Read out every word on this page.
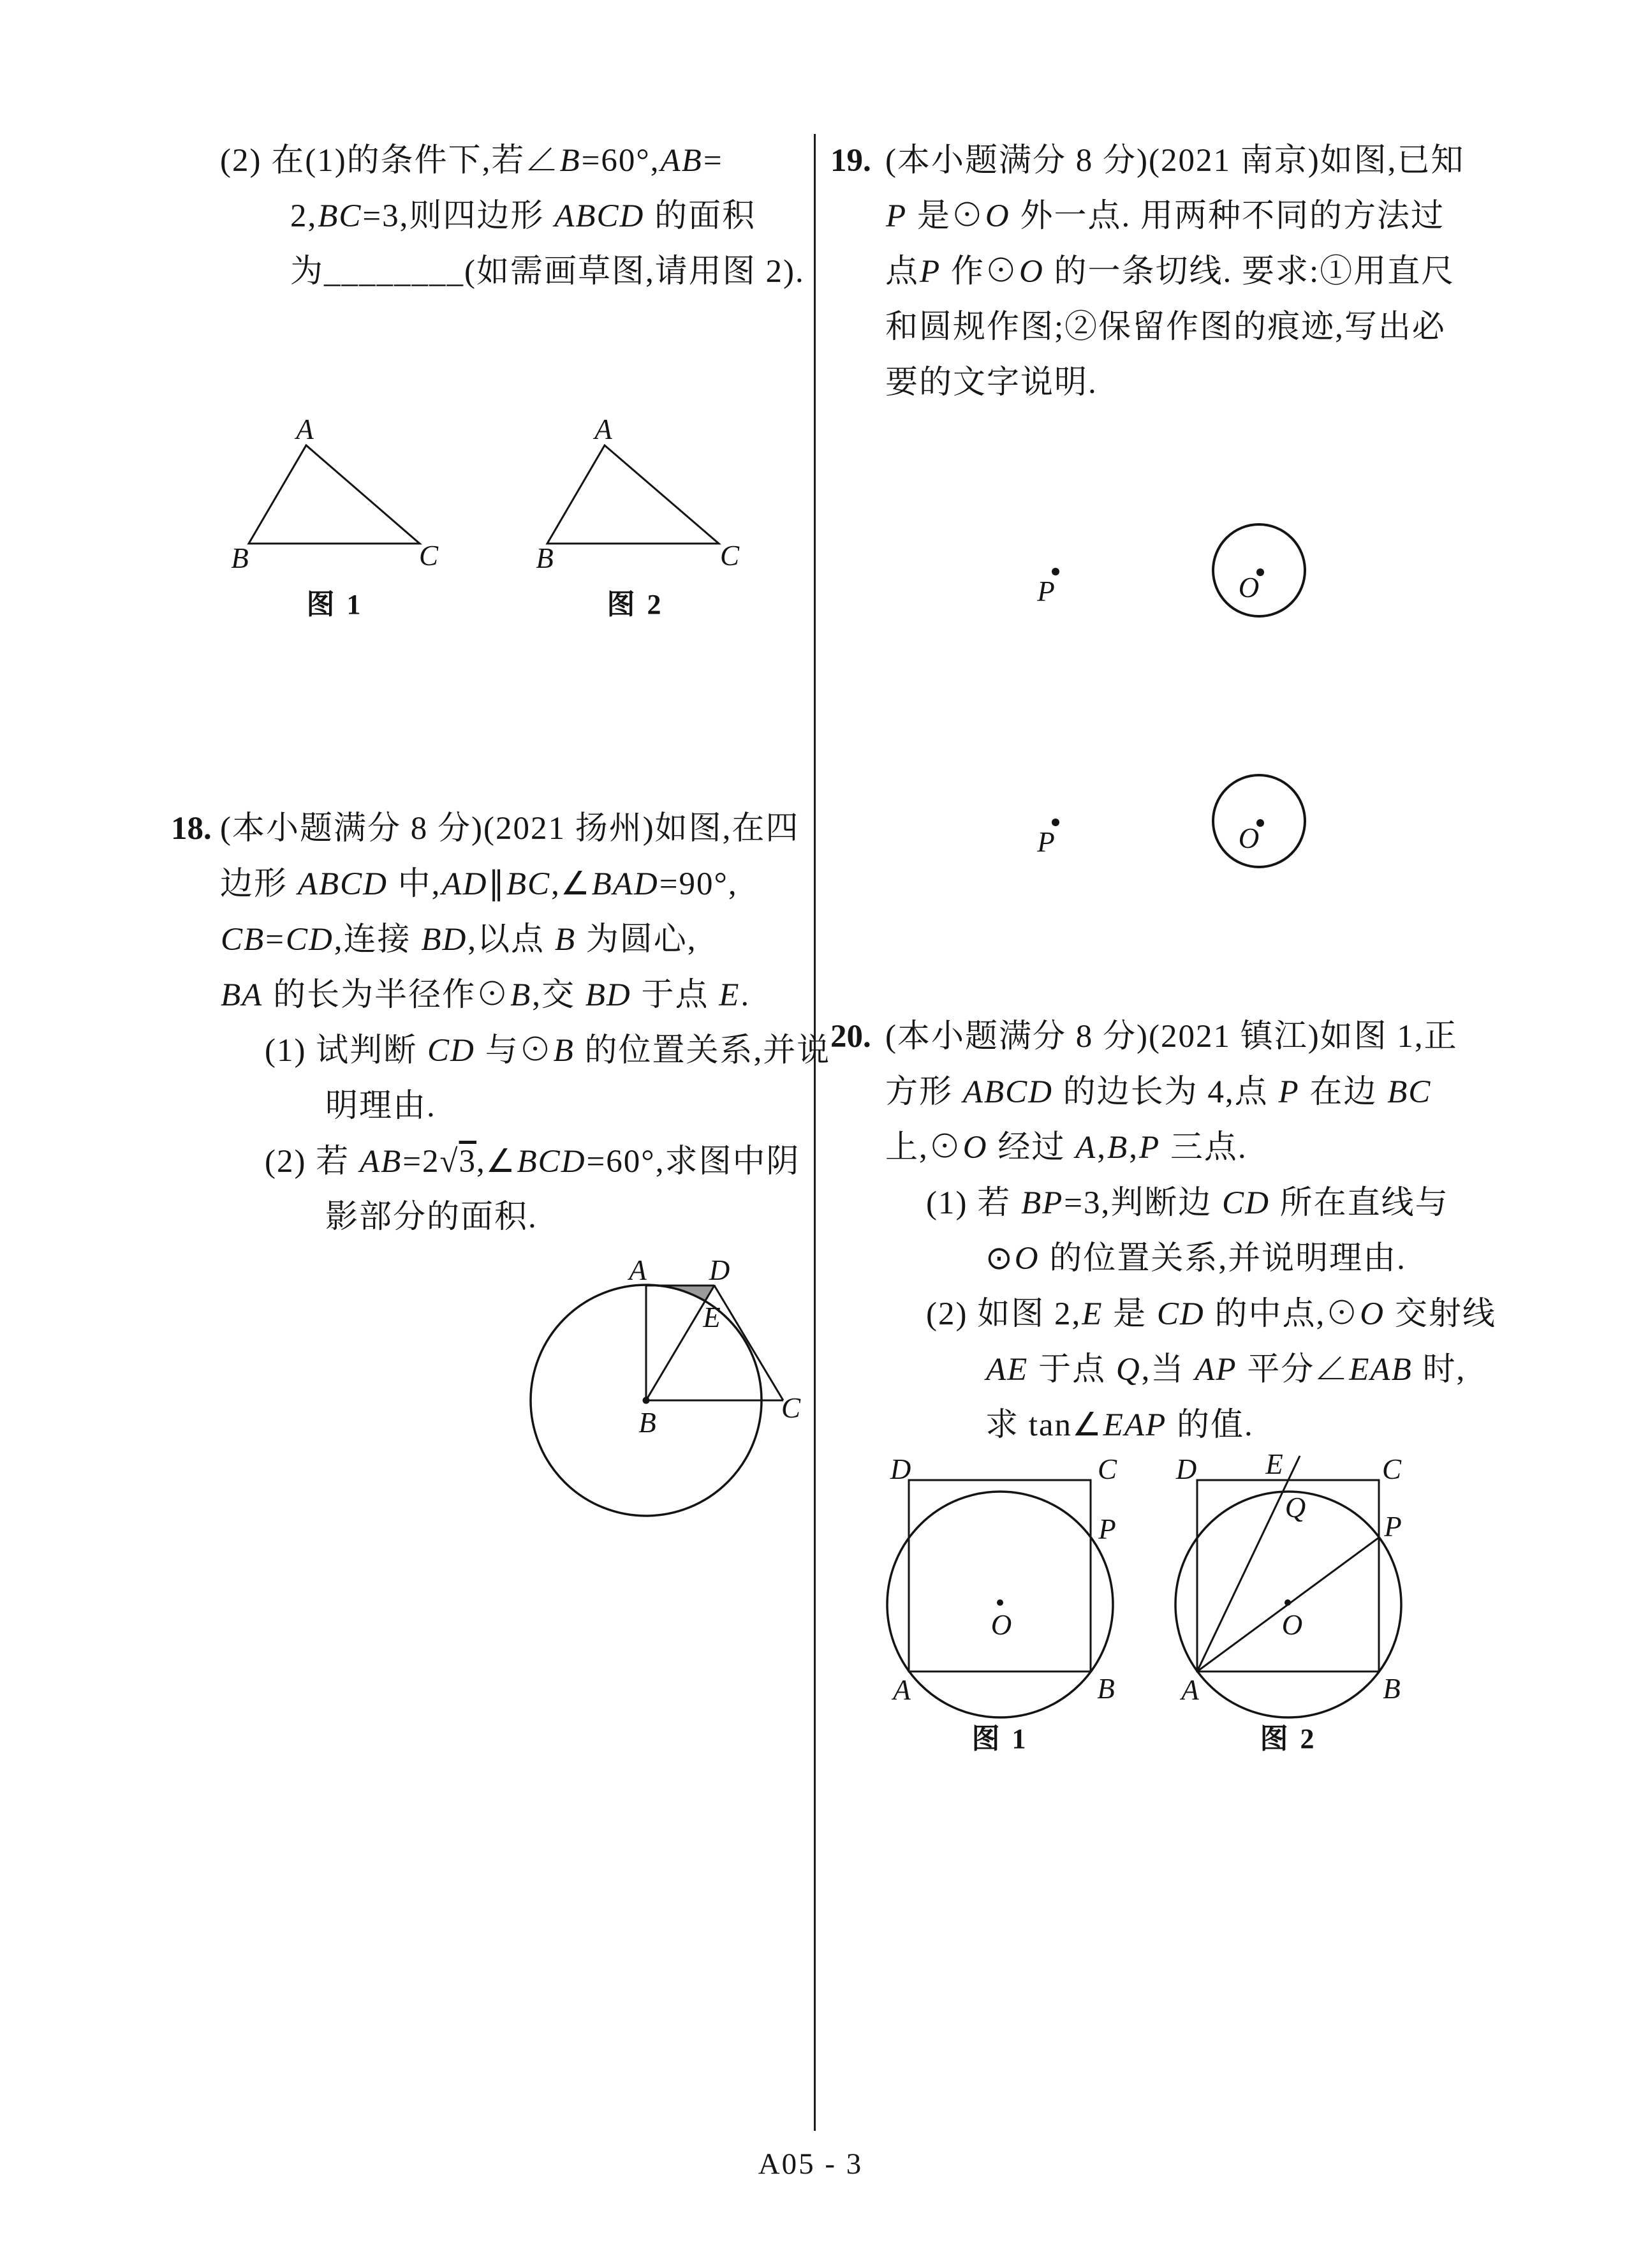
(2) 在(1)的条件下,若∠B=60°,AB=
2,BC=3,则四边形 ABCD 的面积
为________(如需画草图,请用图 2).
A
B	C
图 1
A
B	C
图 2
18. (本小题满分 8 分)(2021 扬州)如图,在四
边形 ABCD 中,AD∥BC,∠BAD=90°,
CB=CD,连接 BD,以点 B 为圆心,
BA 的长为半径作⊙B,交 BD 于点 E.
(1) 试判断 CD 与⊙B 的位置关系,并说
明理由.
(2) 若 AB=2√3,∠BCD=60°,求图中阴
影部分的面积.
A D
E
B	C
19. (本小题满分 8 分)(2021 南京)如图,已知
P 是⊙O 外一点. 用两种不同的方法过
点P 作⊙O 的一条切线. 要求:①用直尺
和圆规作图;②保留作图的痕迹,写出必
要的文字说明.
P	O
P	O
20. (本小题满分 8 分)(2021 镇江)如图 1,正
方形 ABCD 的边长为 4,点 P 在边 BC
上,⊙O 经过 A,B,P 三点.
(1) 若 BP=3,判断边 CD 所在直线与
⊙O 的位置关系,并说明理由.
(2) 如图 2,E 是 CD 的中点,⊙O 交射线
AE 于点 Q,当 AP 平分∠EAB 时,
求 tan∠EAP 的值.
D	C
P
A	B
O
图 1
D E	C
Q
P
A	B
O
图 2
A05 - 3
